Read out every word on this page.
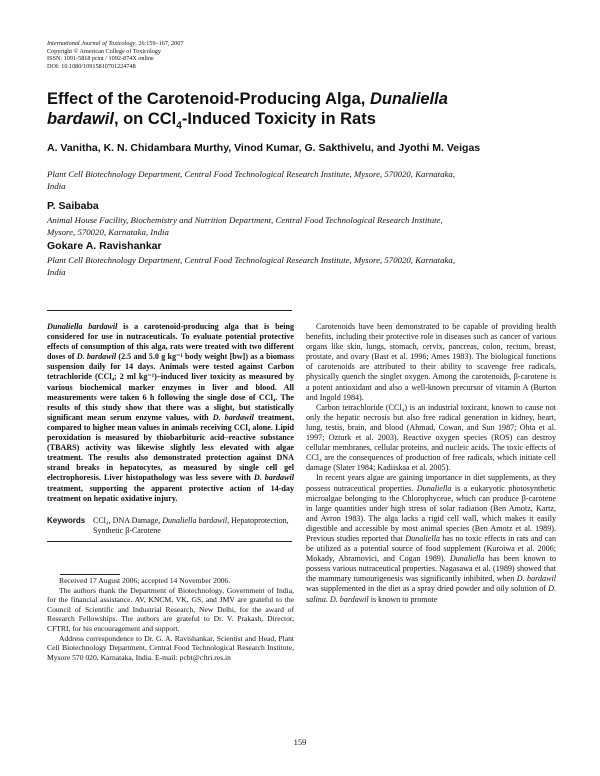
International Journal of Toxicology, 26:159–167, 2007
Copyright © American College of Toxicology
ISSN: 1091-5818 print / 1092-874X online
DOI: 10.1080/10915810701224748
Effect of the Carotenoid-Producing Alga, Dunaliella bardawil, on CCl$_4$-Induced Toxicity in Rats
A. Vanitha, K. N. Chidambara Murthy, Vinod Kumar, G. Sakthivelu, and Jyothi M. Veigas
Plant Cell Biotechnology Department, Central Food Technological Research Institute, Mysore, 570020, Karnataka, India
P. Saibaba
Animal House Facility, Biochemistry and Nutrition Department, Central Food Technological Research Institute, Mysore, 570020, Karnataka, India
Gokare A. Ravishankar
Plant Cell Biotechnology Department, Central Food Technological Research Institute, Mysore, 570020, Karnataka, India
Dunaliella bardawil is a carotenoid-producing alga that is being considered for use in nutraceuticals. To evaluate potential protective effects of consumption of this alga, rats were treated with two different doses of D. bardawil (2.5 and 5.0 g kg⁻¹ body weight [bw]) as a biomass suspension daily for 14 days. Animals were tested against Carbon tetrachloride (CCl₄; 2 ml kg⁻¹)–induced liver toxicity as measured by various biochemical marker enzymes in liver and blood. All measurements were taken 6 h following the single dose of CCl₄. The results of this study show that there was a slight, but statistically significant mean serum enzyme values, with D. bardawil treatment, compared to higher mean values in animals receiving CCl₄ alone. Lipid peroxidation is measured by thiobarbituric acid–reactive substance (TBARS) activity was likewise slightly less elevated with algae treatment. The results also demonstrated protection against DNA strand breaks in hepatocytes, as measured by single cell gel electrophoresis. Liver histopathology was less severe with D. bardawil treatment, supporting the apparent protective action of 14-day treatment on hepatic oxidative injury.
Keywords CCl₄, DNA Damage, Dunaliella bardawil, Hepatoprotection, Synthetic β-Carotene

Received 17 August 2006; accepted 14 November 2006.

The authors thank the Department of Biotechnology, Government of India, for the financial assistance. AV, KNCM, VK, GS, and JMV are grateful to the Council of Scientific and Industrial Research, New Delhi, for the award of Research Fellowships. The authors are grateful to Dr. V. Prakash, Director, CFTRI, for his encouragement and support.

Address correspondence to Dr. G. A. Ravishankar, Scientist and Head, Plant Cell Biotechnology Department, Central Food Technological Research Institute, Mysore 570 020, Karnataka, India. E-mail: pcbt@cftri.res.in

Carotenoids have been demonstrated to be capable of providing health benefits, including their protective role in diseases such as cancer of various organs like skin, lungs, stomach, cervix, pancreas, colon, rectum, breast, prostate, and ovary (Bast et al. 1996; Ames 1983). The biological functions of carotenoids are attributed to their ability to scavenge free radicals, physically quench the singlet oxygen. Among the carotenoids, β-carotene is a potent antioxidant and also a well-known precursor of vitamin A (Burton and Ingold 1984).

Carbon tetrachloride (CCl₄) is an industrial toxicant, known to cause not only the hepatic necrosis but also free radical generation in kidney, heart, lung, testis, brain, and blood (Ahmad, Cowan, and Sun 1987; Ohta et al. 1997; Ozturk et al. 2003). Reactive oxygen species (ROS) can destroy cellular membranes, cellular proteins, and nucleic acids. The toxic effects of CCl₄ are the consequences of production of free radicals, which initiate cell damage (Slater 1984; Kadiiskaa et al. 2005).

In recent years algae are gaining importance in diet supplements, as they possess nutraceutical properties. Dunaliella is a eukaryotic photosynthetic microalgae belonging to the Chlorophyceae, which can produce β-carotene in large quantities under high stress of solar radiation (Ben Amotz, Kartz, and Avron 1983). The alga lacks a rigid cell wall, which makes it easily digestible and accessible by most animal species (Ben Amotz et al. 1989). Previous studies reported that Dunaliella has no toxic effects in rats and can be utilized as a potential source of food supplement (Kuroiwa et al. 2006; Mokady, Abramovici, and Cogan 1989). Dunaliella has been known to possess various nutraceutical properties. Nagasawa et al. (1989) showed that the mammary tumourigenesis was significantly inhibited, when D. bardawil was supplemented in the diet as a spray dried powder and oily solution of D. salina. D. bardawil is known to promote

159
